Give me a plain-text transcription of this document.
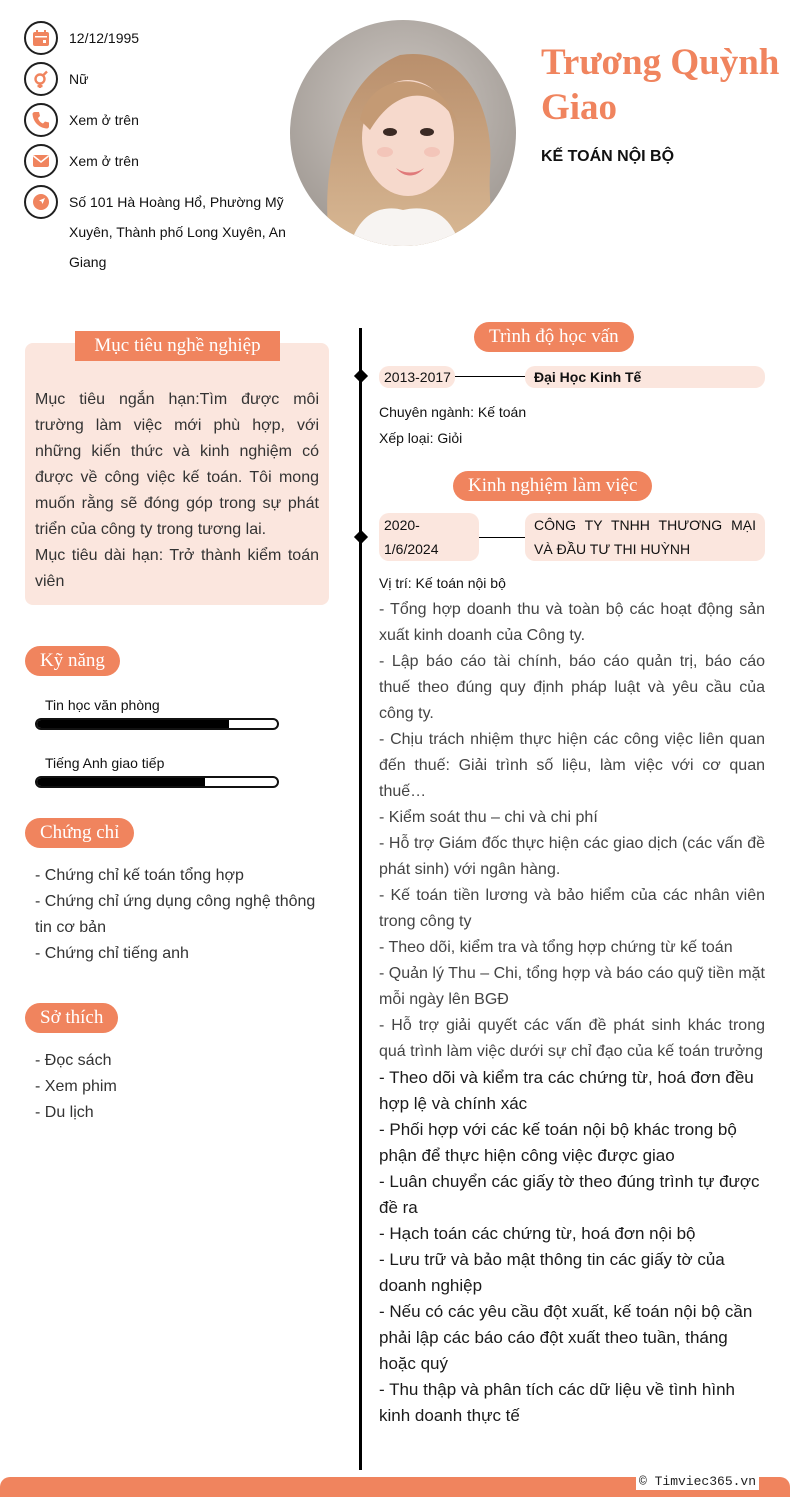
12/12/1995
Nữ
Xem ở trên
Xem ở trên
Số 101 Hà Hoàng Hổ, Phường Mỹ Xuyên, Thành phố Long Xuyên, An Giang
Trương Quỳnh Giao
KẾ TOÁN NỘI BỘ
Mục tiêu nghề nghiệp

Mục tiêu ngắn hạn:Tìm được môi trường làm việc mới phù hợp, với những kiến thức và kinh nghiệm có được về công việc kế toán. Tôi mong muốn rằng sẽ đóng góp trong sự phát triển của công ty trong tương lai.

Mục tiêu dài hạn: Trở thành kiểm toán viên

Kỹ năng
Tin học văn phòng
Tiếng Anh giao tiếp
Chứng chỉ
- Chứng chỉ kế toán tổng hợp
- Chứng chỉ ứng dụng công nghệ thông tin cơ bản
- Chứng chỉ tiếng anh
Sở thích
- Đọc sách
- Xem phim
- Du lịch
Trình độ học vấn
2013-2017	Đại Học Kinh Tế
Chuyên ngành: Kế toán
Xếp loại: Giỏi
Kinh nghiệm làm việc
2020-
1/6/2024
CÔNG TY TNHH THƯƠNG MẠI VÀ ĐẦU TƯ THI HUỲNH
Vị trí: Kế toán nội bộ
- Tổng hợp doanh thu và toàn bộ các hoạt động sản xuất kinh doanh của Công ty.
- Lập báo cáo tài chính, báo cáo quản trị, báo cáo thuế theo đúng quy định pháp luật và yêu cầu của công ty.
- Chịu trách nhiệm thực hiện các công việc liên quan đến thuế: Giải trình số liệu, làm việc với cơ quan thuế…
- Kiểm soát thu – chi và chi phí
- Hỗ trợ Giám đốc thực hiện các giao dịch (các vấn đề phát sinh) với ngân hàng.
- Kế toán tiền lương và bảo hiểm của các nhân viên trong công ty
- Theo dõi, kiểm tra và tổng hợp chứng từ kế toán
- Quản lý Thu – Chi, tổng hợp và báo cáo quỹ tiền mặt mỗi ngày lên BGĐ
- Hỗ trợ giải quyết các vấn đề phát sinh khác trong quá trình làm việc dưới sự chỉ đạo của kế toán trưởng
- Theo dõi và kiểm tra các chứng từ, hoá đơn đều hợp lệ và chính xác
- Phối hợp với các kế toán nội bộ khác trong bộ phận để thực hiện công việc được giao
- Luân chuyển các giấy tờ theo đúng trình tự được đề ra
- Hạch toán các chứng từ, hoá đơn nội bộ
- Lưu trữ và bảo mật thông tin các giấy tờ của doanh nghiệp
- Nếu có các yêu cầu đột xuất, kế toán nội bộ cần phải lập các báo cáo đột xuất theo tuần, tháng hoặc quý
- Thu thập và phân tích các dữ liệu về tình hình kinh doanh thực tế
© Timviec365.vn
